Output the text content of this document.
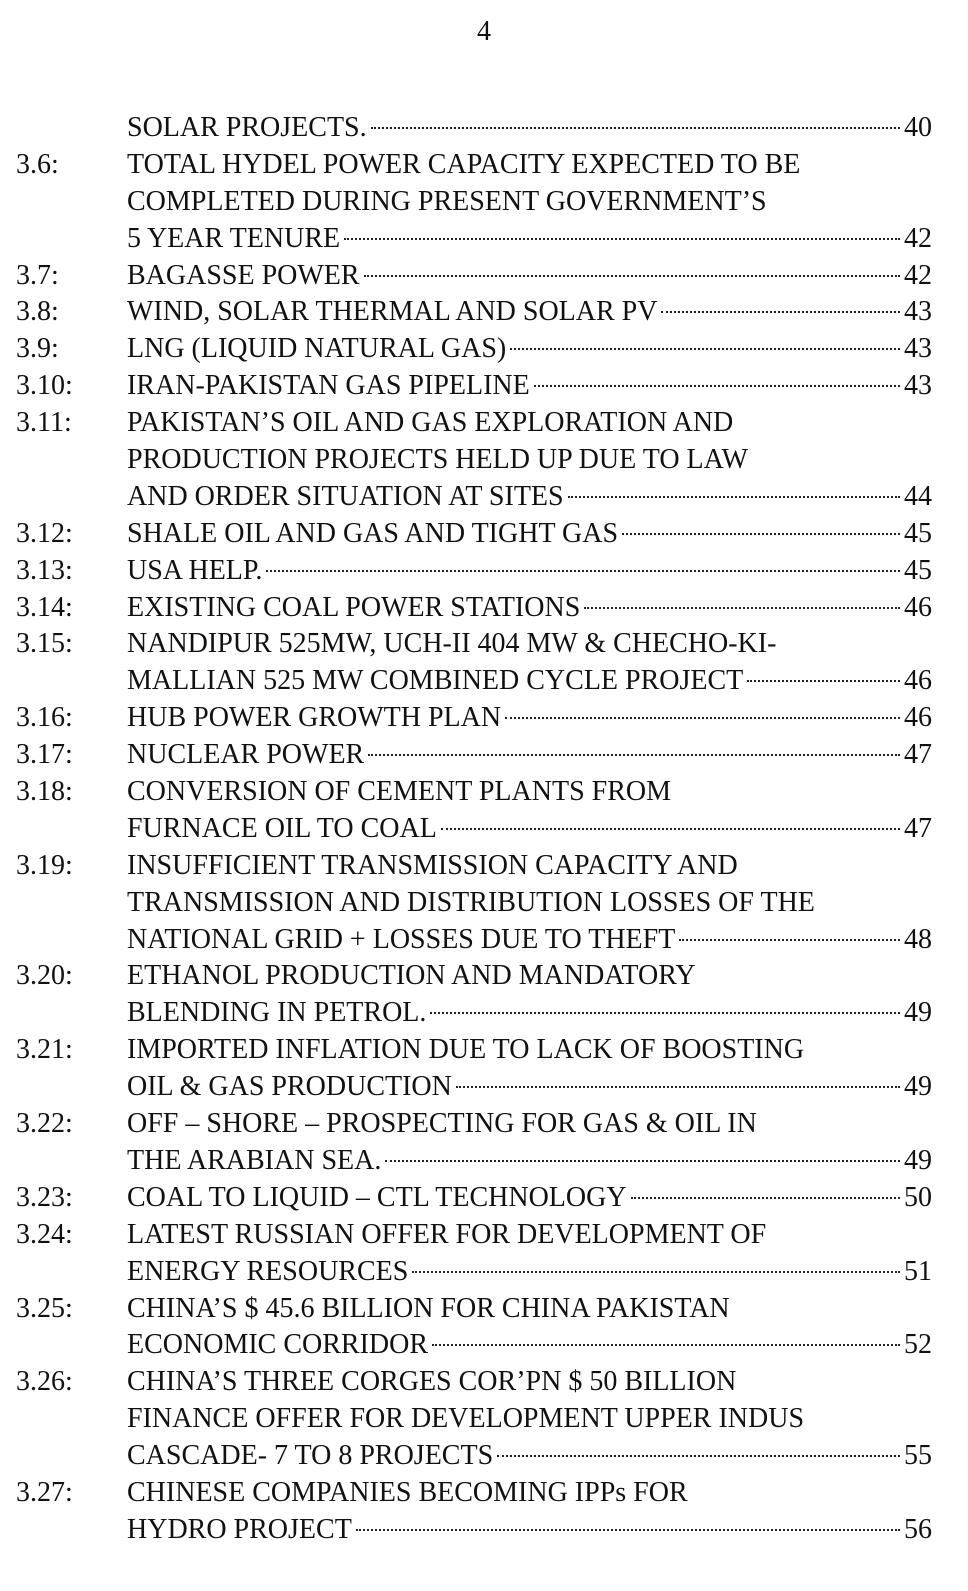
4
SOLAR PROJECTS.	40
3.6: TOTAL HYDEL POWER CAPACITY EXPECTED TO BE
COMPLETED DURING PRESENT GOVERNMENT’S
5 YEAR TENURE	42
3.7: BAGASSE POWER	42
3.8: WIND, SOLAR THERMAL AND SOLAR PV	43
3.9: LNG (LIQUID NATURAL GAS)	43
3.10: IRAN-PAKISTAN GAS PIPELINE	43
3.11: PAKISTAN’S OIL AND GAS EXPLORATION AND
PRODUCTION PROJECTS HELD UP DUE TO LAW
AND ORDER SITUATION AT SITES	44
3.12: SHALE OIL AND GAS AND TIGHT GAS	45
3.13: USA HELP.	45
3.14: EXISTING COAL POWER STATIONS	46
3.15: NANDIPUR 525MW, UCH-II 404 MW & CHECHO-KI-
MALLIAN 525 MW COMBINED CYCLE PROJECT	46
3.16: HUB POWER GROWTH PLAN	46
3.17: NUCLEAR POWER	47
3.18: CONVERSION OF CEMENT PLANTS FROM
FURNACE OIL TO COAL	47
3.19: INSUFFICIENT TRANSMISSION CAPACITY AND
TRANSMISSION AND DISTRIBUTION LOSSES OF THE
NATIONAL GRID + LOSSES DUE TO THEFT	48
3.20: ETHANOL PRODUCTION AND MANDATORY
BLENDING IN PETROL.	49
3.21: IMPORTED INFLATION DUE TO LACK OF BOOSTING
OIL & GAS PRODUCTION	49
3.22: OFF – SHORE – PROSPECTING FOR GAS & OIL IN
THE ARABIAN SEA.	49
3.23: COAL TO LIQUID – CTL TECHNOLOGY	50
3.24: LATEST RUSSIAN OFFER FOR DEVELOPMENT OF
ENERGY RESOURCES	51
3.25: CHINA’S $ 45.6 BILLION FOR CHINA PAKISTAN
ECONOMIC CORRIDOR	52
3.26: CHINA’S THREE CORGES COR’PN $ 50 BILLION
FINANCE OFFER FOR DEVELOPMENT UPPER INDUS
CASCADE- 7 TO 8 PROJECTS	55
3.27: CHINESE COMPANIES BECOMING IPPs FOR
HYDRO PROJECT	56
